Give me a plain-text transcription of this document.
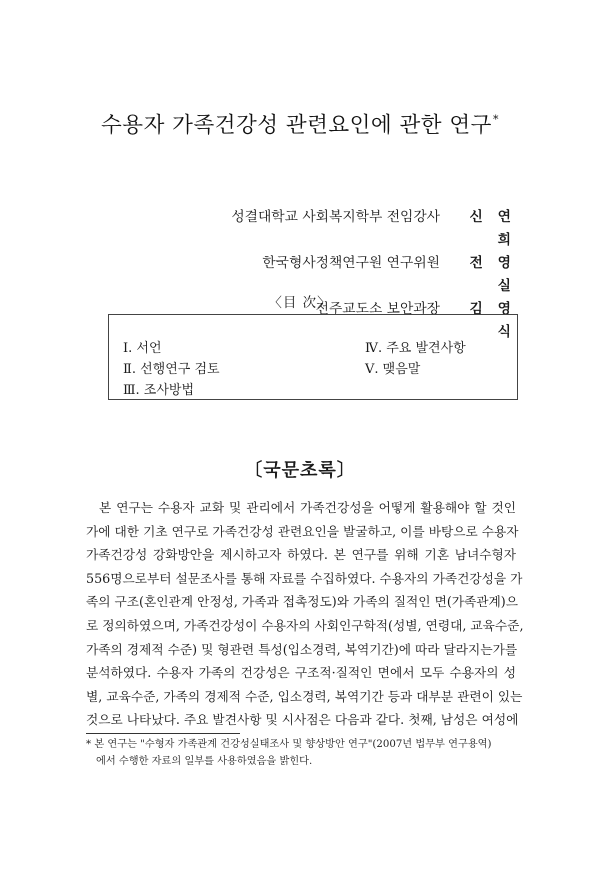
수용자 가족건강성 관련요인에 관한 연구*
성결대학교 사회복지학부 전임강사	신 연 희
한국형사정책연구원 연구위원	전 영 실
전주교도소 보안과장	김 영 식
〈目 次〉
Ⅰ. 서언
Ⅱ. 선행연구 검토
Ⅲ. 조사방법
Ⅳ. 주요 발견사항
Ⅴ. 맺음말
〔국문초록〕
본 연구는 수용자 교화 및 관리에서 가족건강성을 어떻게 활용해야 할 것인
가에 대한 기초 연구로 가족건강성 관련요인을 발굴하고, 이를 바탕으로 수용자
가족건강성 강화방안을 제시하고자 하였다. 본 연구를 위해 기혼 남녀수형자
556명으로부터 설문조사를 통해 자료를 수집하였다. 수용자의 가족건강성을 가
족의 구조(혼인관계 안정성, 가족과 접촉정도)와 가족의 질적인 면(가족관계)으
로 정의하였으며, 가족건강성이 수용자의 사회인구학적(성별, 연령대, 교육수준,
가족의 경제적 수준) 및 형관련 특성(입소경력, 복역기간)에 따라 달라지는가를
분석하였다. 수용자 가족의 건강성은 구조적·질적인 면에서 모두 수용자의 성
별, 교육수준, 가족의 경제적 수준, 입소경력, 복역기간 등과 대부분 관련이 있는
것으로 나타났다. 주요 발견사항 및 시사점은 다음과 같다. 첫째, 남성은 여성에
* 본 연구는 "수형자 가족관계 건강성실태조사 및 향상방안 연구"(2007년 법무부 연구용역)
에서 수행한 자료의 일부를 사용하였음을 밝힌다.
